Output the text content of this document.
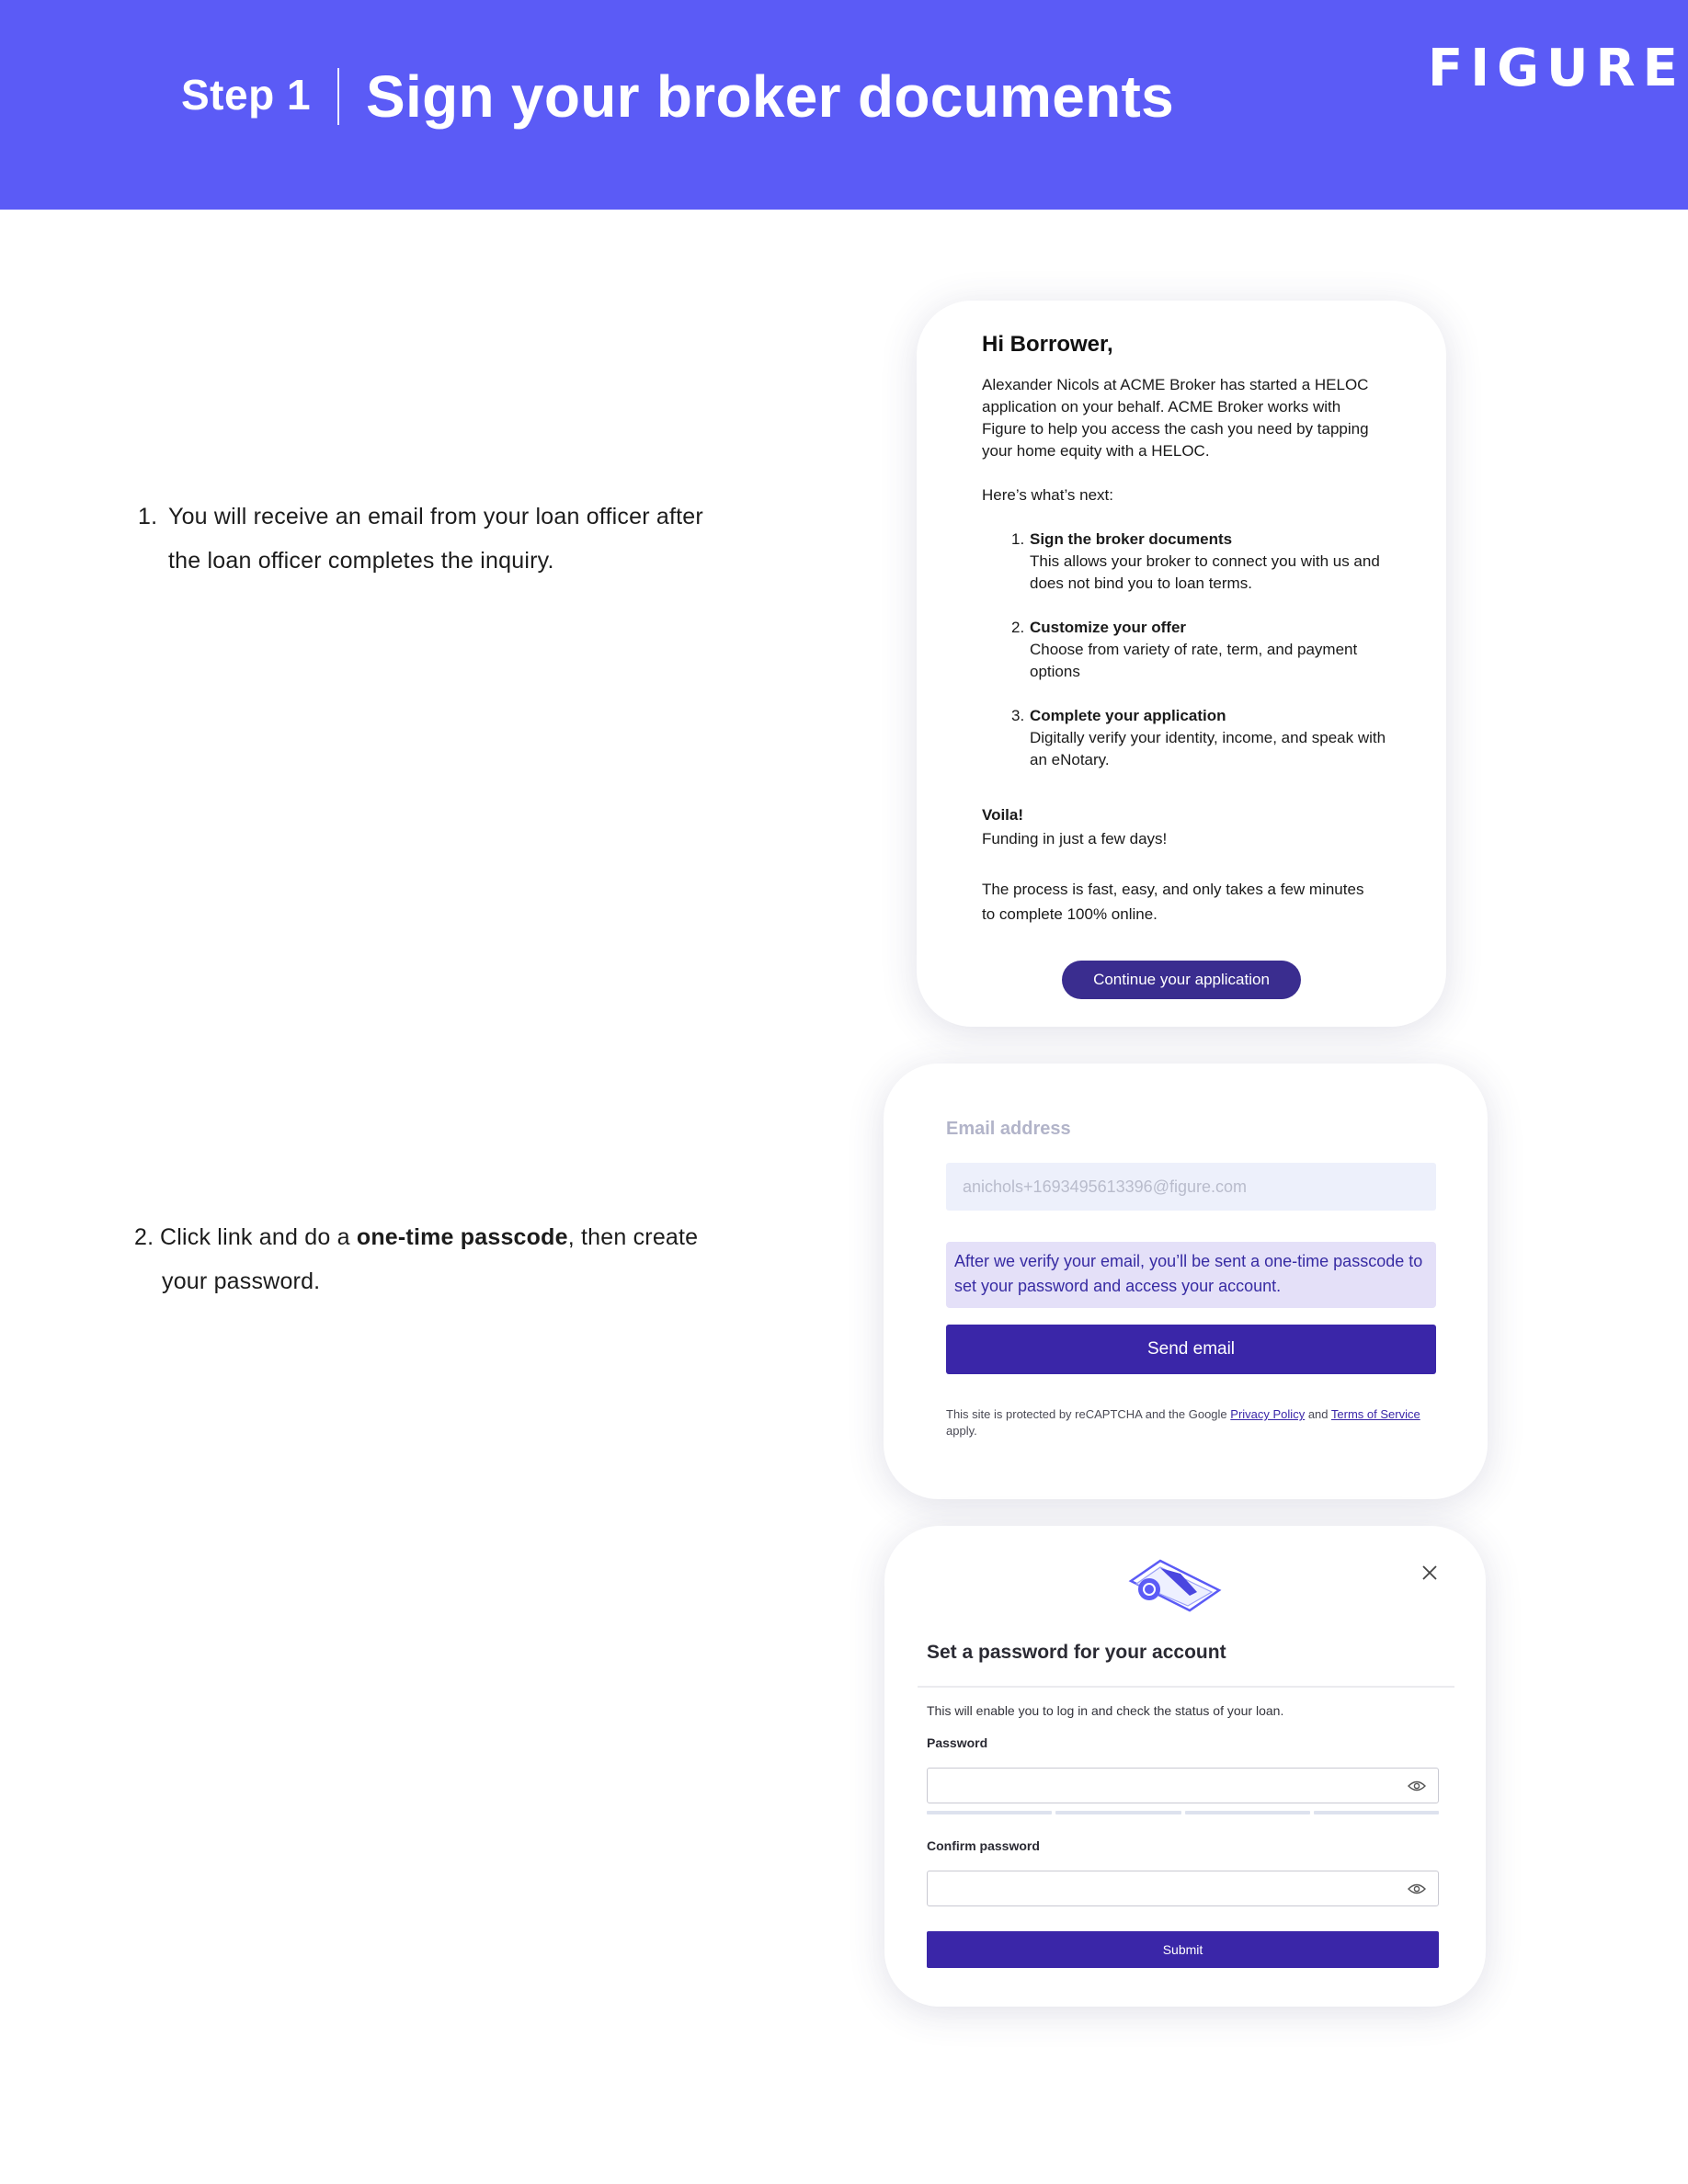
Step 1 Sign your broker documents	FIGURE
1. You will receive an email from your loan officer after
the loan officer completes the inquiry.
2. Click link and do a one-time passcode, then create
your password.
Hi Borrower,
Alexander Nicols at ACME Broker has started a HELOC application on your behalf. ACME Broker works with Figure to help you access the cash you need by tapping your home equity with a HELOC.
Here’s what’s next:
1. Sign the broker documents
This allows your broker to connect you with us and does not bind you to loan terms.
2. Customize your offer
Choose from variety of rate, term, and payment options
3. Complete your application
Digitally verify your identity, income, and speak with an eNotary.
Voila!
Funding in just a few days!
The process is fast, easy, and only takes a few minutes to complete 100% online.
Continue your application
Email address
anichols+1693495613396@figure.com
After we verify your email, you’ll be sent a one-time passcode to set your password and access your account.
Send email
This site is protected by reCAPTCHA and the Google Privacy Policy and Terms of Service apply.
Set a password for your account
This will enable you to log in and check the status of your loan.
Password
Confirm password
Submit
